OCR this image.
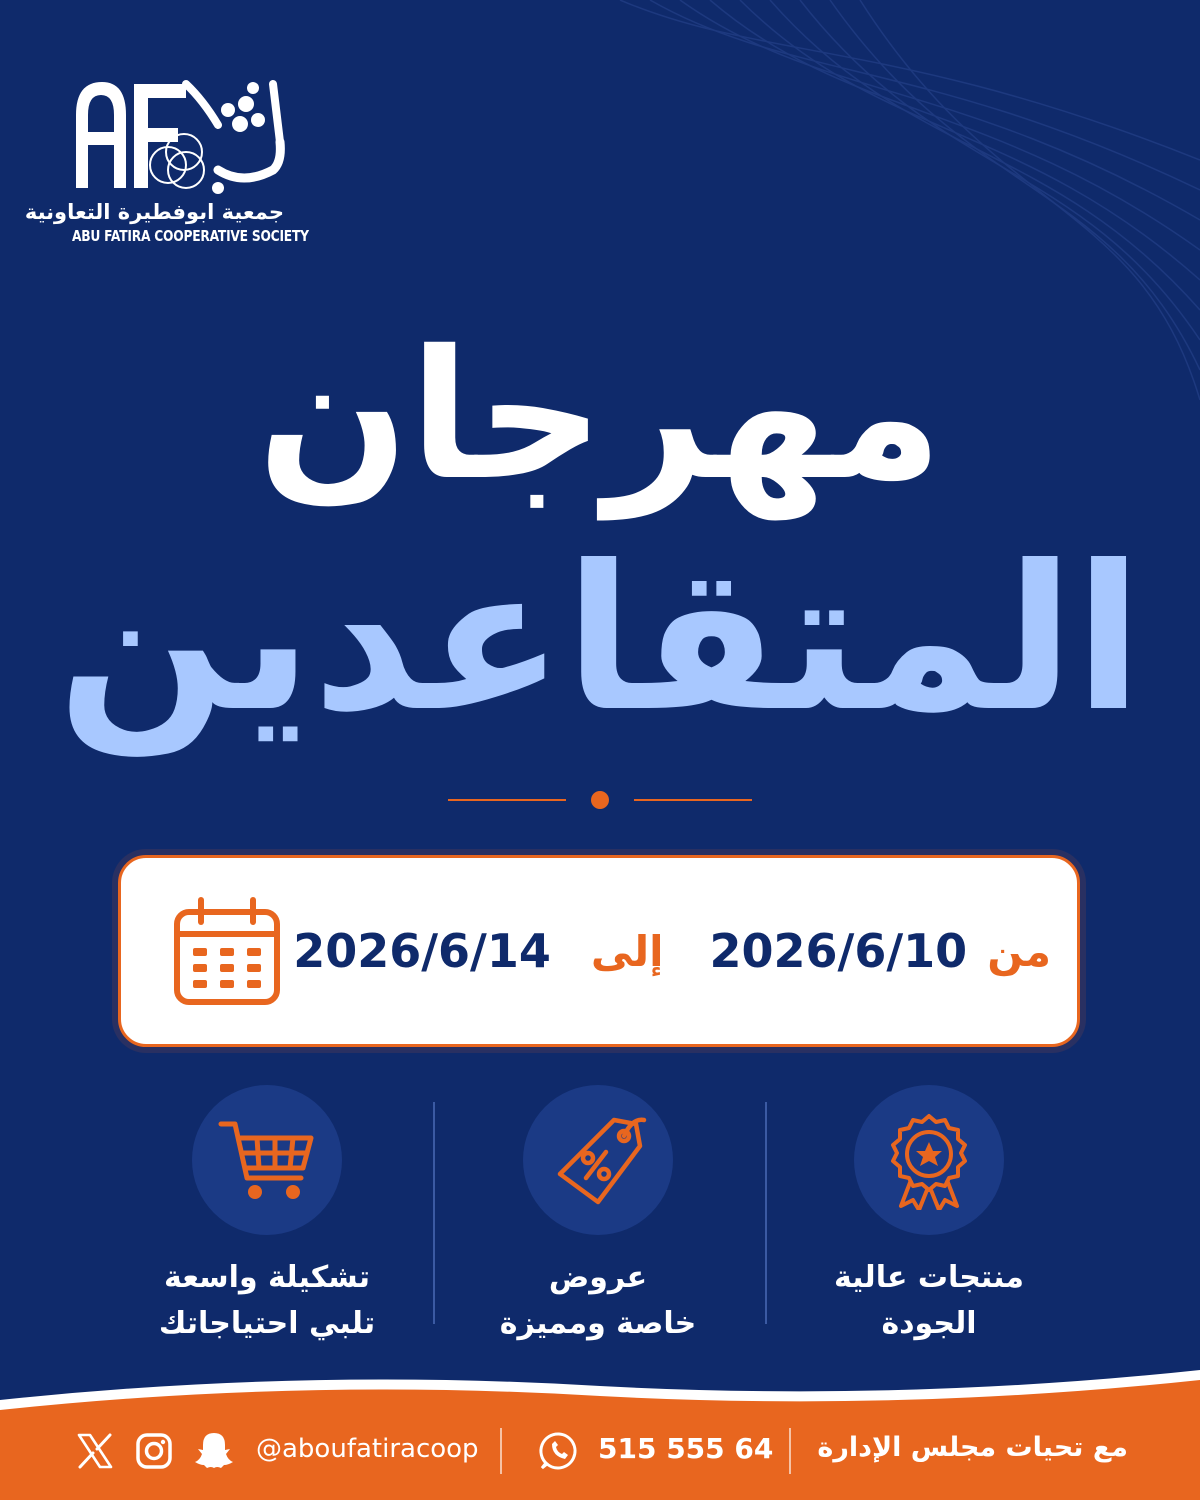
جمعية ابوفطيرة التعاونية
ABU FATIRA COOPERATIVE SOCIETY
مهرجان
المتقاعدين
من
2026/6/10
إلى
2026/6/14
منتجات عالية
الجودة
عروض
خاصة ومميزة
تشكيلة واسعة
تلبي احتياجاتك
مع تحيات مجلس الإدارة
515 555 64
@aboufatiracoop
